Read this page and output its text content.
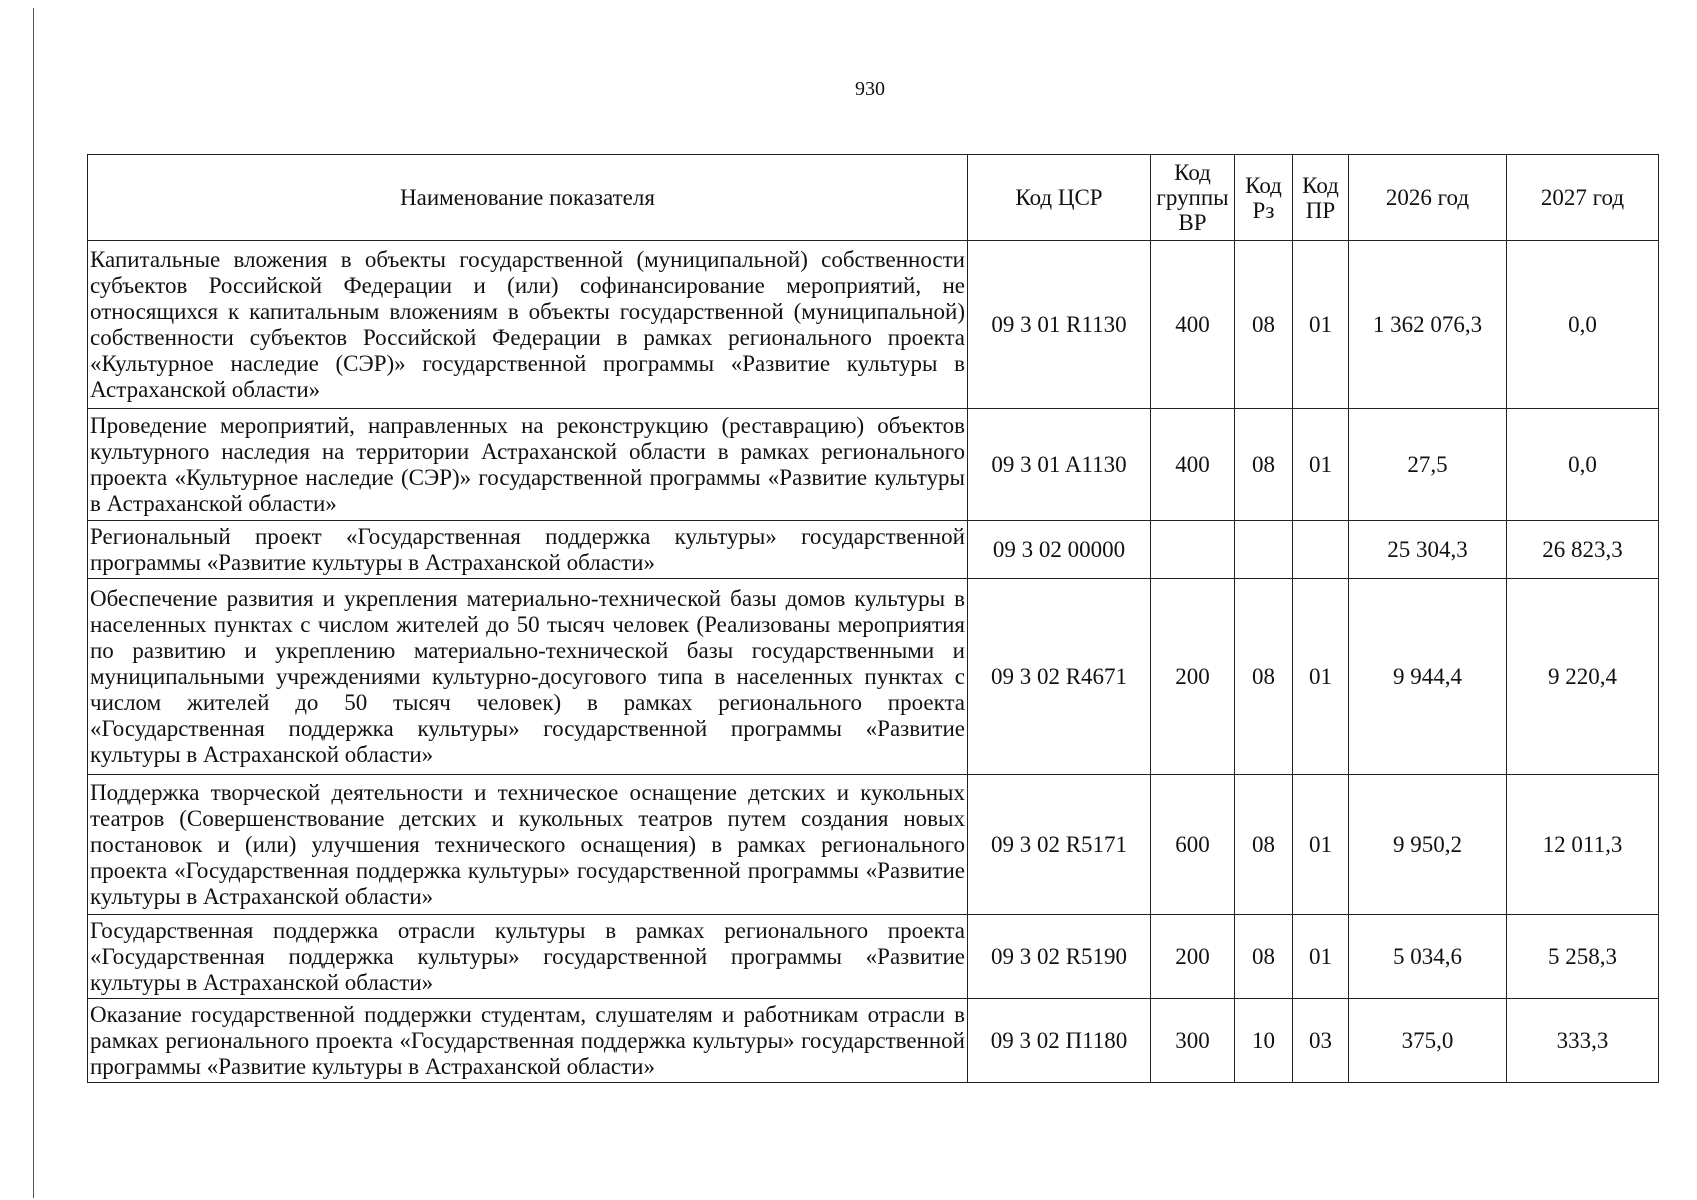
930
Наименование показателя	Код ЦСР	Код группы ВР	Код Рз	Код ПР	2026 год	2027 год
Капитальные вложения в объекты государственной (муниципальной) собственности субъектов Российской Федерации и (или) софинансирование мероприятий, не относящихся к капитальным вложениям в объекты государственной (муниципальной) собственности субъектов Российской Федерации в рамках регионального проекта «Культурное наследие (СЭР)» государственной программы «Развитие культуры в Астраханской области»	09 3 01 R1130	400	08	01	1 362 076,3	0,0
Проведение мероприятий, направленных на реконструкцию (реставрацию) объектов культурного наследия на территории Астраханской области в рамках регионального проекта «Культурное наследие (СЭР)» государственной программы «Развитие культуры в Астраханской области»	09 3 01 A1130	400	08	01	27,5	0,0
Региональный проект «Государственная поддержка культуры» государственной программы «Развитие культуры в Астраханской области»	09 3 02 00000				25 304,3	26 823,3
Обеспечение развития и укрепления материально-технической базы домов культуры в населенных пунктах с числом жителей до 50 тысяч человек (Реализованы мероприятия по развитию и укреплению материально-технической базы государственными и муниципальными учреждениями культурно-досугового типа в населенных пунктах с числом жителей до 50 тысяч человек) в рамках регионального проекта «Государственная поддержка культуры» государственной программы «Развитие культуры в Астраханской области»	09 3 02 R4671	200	08	01	9 944,4	9 220,4
Поддержка творческой деятельности и техническое оснащение детских и кукольных театров (Совершенствование детских и кукольных театров путем создания новых постановок и (или) улучшения технического оснащения) в рамках регионального проекта «Государственная поддержка культуры» государственной программы «Развитие культуры в Астраханской области»	09 3 02 R5171	600	08	01	9 950,2	12 011,3
Государственная поддержка отрасли культуры в рамках регионального проекта «Государственная поддержка культуры» государственной программы «Развитие культуры в Астраханской области»	09 3 02 R5190	200	08	01	5 034,6	5 258,3
Оказание государственной поддержки студентам, слушателям и работникам отрасли в рамках регионального проекта «Государственная поддержка культуры» государственной программы «Развитие культуры в Астраханской области»	09 3 02 П1180	300	10	03	375,0	333,3
